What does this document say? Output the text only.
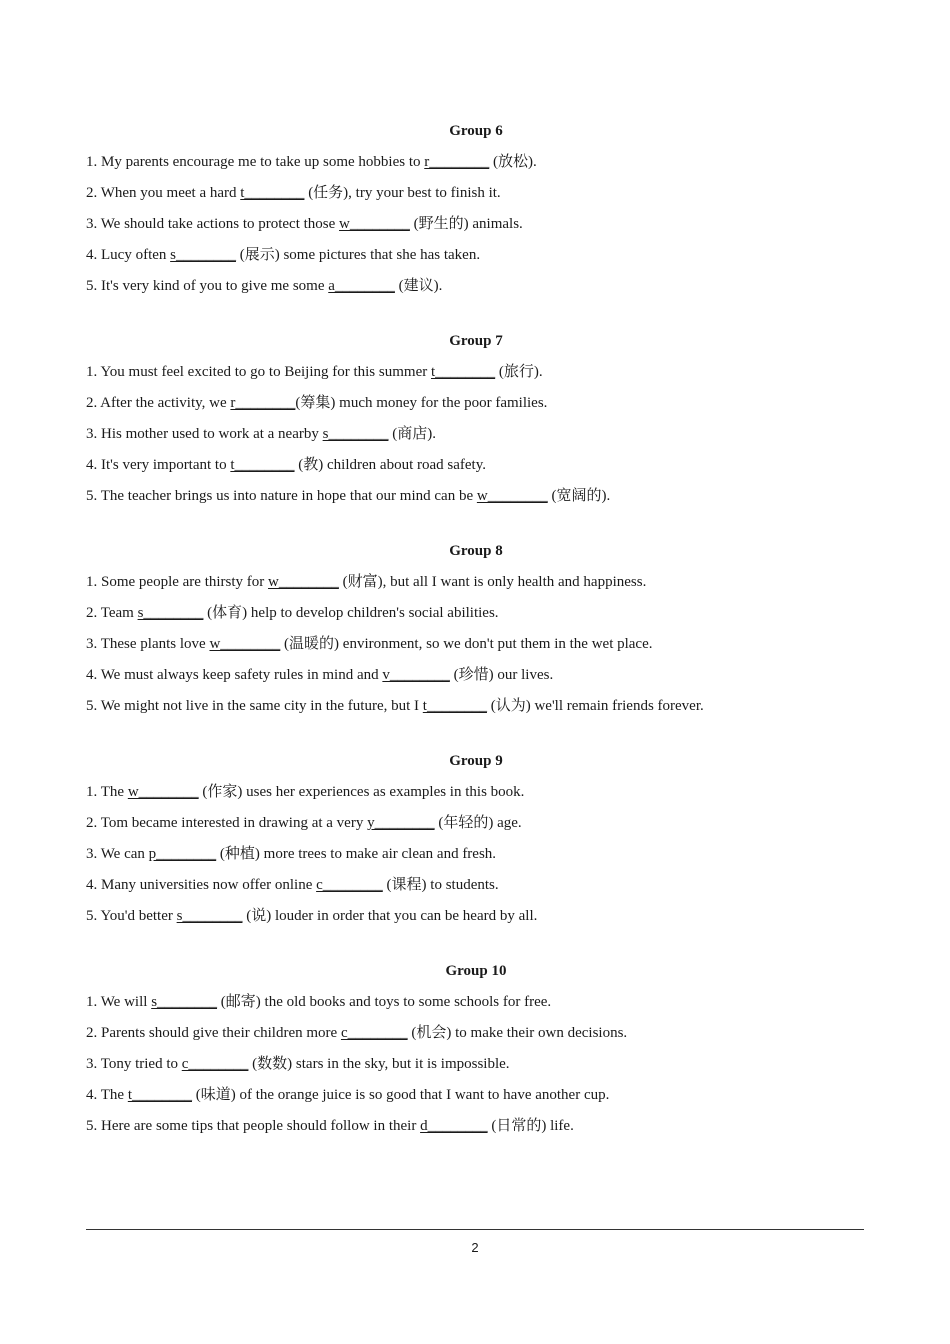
Group 6
1. My parents encourage me to take up some hobbies to r________ (放松).
2. When you meet a hard t________ (任务), try your best to finish it.
3. We should take actions to protect those w________ (野生的) animals.
4. Lucy often s________ (展示) some pictures that she has taken.
5. It's very kind of you to give me some a________ (建议).
Group 7
1. You must feel excited to go to Beijing for this summer t________ (旅行).
2. After the activity, we r________(筹集) much money for the poor families.
3. His mother used to work at a nearby s________ (商店).
4. It's very important to t________ (教) children about road safety.
5. The teacher brings us into nature in hope that our mind can be w________ (宽阔的).
Group 8
1. Some people are thirsty for w________ (财富), but all I want is only health and happiness.
2. Team s________ (体育) help to develop children's social abilities.
3. These plants love w________ (温暖的) environment, so we don't put them in the wet place.
4. We must always keep safety rules in mind and v________ (珍惜) our lives.
5. We might not live in the same city in the future, but I t________ (认为) we'll remain friends forever.
Group 9
1. The w________ (作家) uses her experiences as examples in this book.
2. Tom became interested in drawing at a very y________ (年轻的) age.
3. We can p________ (种植) more trees to make air clean and fresh.
4. Many universities now offer online c________ (课程) to students.
5. You'd better s________ (说) louder in order that you can be heard by all.
Group 10
1. We will s________ (邮寄) the old books and toys to some schools for free.
2. Parents should give their children more c________ (机会) to make their own decisions.
3. Tony tried to c________ (数数) stars in the sky, but it is impossible.
4. The t________ (味道) of the orange juice is so good that I want to have another cup.
5. Here are some tips that people should follow in their d________ (日常的) life.
2
